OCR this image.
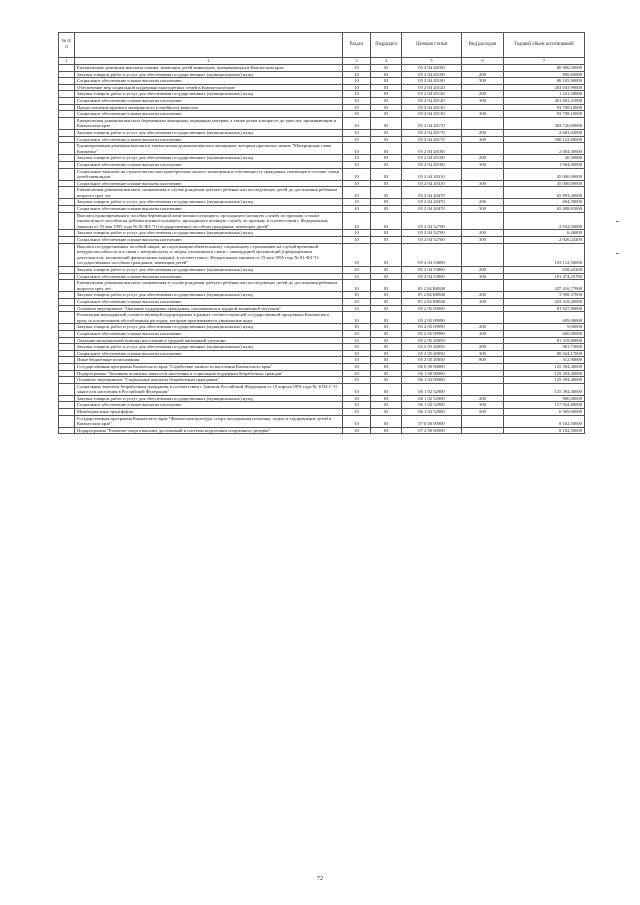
№ п/п		Раздел	Подраздел	Целевая статья	Вид расходов	Годовой объем ассигнований
1	2	3	4	5	6	7
	Ежемесячные денежные выплаты семьям, имеющим детей-инвалидов, проживающим в Камчатском крае	10	03	05 2 04 20100		80 906,50000
	Закупка товаров, работ и услуг для обеспечения государственных (муниципальных) нужд	10	03	05 2 04 20100	200	800,60000
	Социальное обеспечение и иные выплаты населению	10	03	05 2 04 20100	300	80 105,90000
	Обеспечение мер социальной поддержки многодетных семей в Камчатском крае	10	03	05 2 04 20120		263 043,99000
	Закупка товаров, работ и услуг для обеспечения государственных (муниципальных) нужд	10	03	05 2 04 20120	200	1 241,58000
	Социальное обеспечение и иные выплаты населению	10	03	05 2 04 20120	300	261 802,41000
	Предоставление краевого материнского (семейного) капитала	10	03	05 2 04 20130		93 708,10000
	Социальное обеспечение и иные выплаты населению	10	03	05 2 04 20130	300	93 708,10000
	Ежемесячная денежная выплата беременным женщинам, кормящим матерям, а также детям в возрасте до трех лет, проживающим в Камчатском крае	10	03	05 2 04 20170		302 726,80000
	Закупка товаров, работ и услуг для обеспечения государственных (муниципальных) нужд	10	03	05 2 04 20170	200	2 603,92000
	Социальное обеспечение и иные выплаты населению	10	03	05 2 04 20170	300	300 122,88000
	Единовременная денежная выплата и ежемесячная денежная выплата женщинам, которым присвоено звание "Материнская слава Камчатки"	10	03	05 2 04 20180		2 004,30000
	Закупка товаров, работ и услуг для обеспечения государственных (муниципальных) нужд	10	03	05 2 04 20180	200	20,30000
	Социальное обеспечение и иные выплаты населению	10	03	05 2 04 20180	300	1 984,00000
	Социальные выплаты на строительство или приобретение жилого помещения в собственность гражданам, имеющим в составе семьи детей-инвалидов	10	03	05 2 04 20310		45 000,00000
	Социальное обеспечение и иные выплаты населению	10	03	05 2 04 20310	300	45 000,00000
	Ежемесячная денежная выплата, назначаемая в случае рождения третьего ребенка или последующих детей до достижения ребенком возраста трех лет	10	03	05 2 04 20470		65 893,40000
	Закупка товаров, работ и услуг для обеспечения государственных (муниципальных) нужд	10	03	05 2 04 20470	200	604,59000
	Социальное обеспечение и иные выплаты населению	10	03	05 2 04 20470	300	65 288,81000
	Выплата единовременного пособия беременной жене военнослужащего, проходящего военную службу по призыву, а также ежемесячного пособия на ребенка военнослужащего, проходящего военную службу по призыву, в соответствии с Федеральным законом от 19 мая 1995 года № 81-ФЗ "О государственных пособиях гражданам, имеющим детей"	10	03	05 2 04 52700		2 932,50000
	Закупка товаров, работ и услуг для обеспечения государственных (муниципальных) нужд	10	03	05 2 04 52700	200	6,26800
	Социальное обеспечение и иные выплаты населению	10	03	05 2 04 52700	300	2 926,23200
	Выплата государственных пособий лицам, не подлежащим обязательному социальному страхованию на случай временной нетрудоспособности и в связи с материнством, и лицам, уволенным в связи с ликвидацией организаций (прекращением деятельности, полномочий физическими лицами), в соответствии с Федеральным законом от 19 мая 1995 года № 81-ФЗ "О государственных пособиях гражданам, имеющим детей"	10	03	05 2 04 53800		192 112,50000
	Закупка товаров, работ и услуг для обеспечения государственных (муниципальных) нужд	10	03	05 2 04 53800	200	638,24300
	Социальное обеспечение и иные выплаты населению	10	03	05 2 04 53800	300	191 474,25700
	Ежемесячная денежная выплата, назначаемая в случае рождения третьего ребенка или последующих детей до достижения ребенком возраста трех лет	10	03	05 2 04 R0840		437 416,77000
	Закупка товаров, работ и услуг для обеспечения государственных (муниципальных) нужд	10	03	05 2 04 R0840	200	3 998,37000
	Социальное обеспечение и иные выплаты населению	10	03	05 2 04 R0840	300	433 418,40000
	Основное мероприятие "Оказание поддержки гражданам, оказавшимся в трудной жизненной ситуации"	10	03	05 2 05 00000		81 927,80000
	Реализация мероприятий соответствующей подпрограммы в рамках соответствующей государственной программы Камчатского края, за исключением обособленных расходов, которым присваиваются уникальные коды	10	03	05 2 05 09990		609,00000
	Закупка товаров, работ и услуг для обеспечения государственных (муниципальных) нужд	10	03	05 2 05 09990	200	9,00000
	Социальное обеспечение и иные выплаты населению	10	03	05 2 05 09990	300	600,00000
	Оказание материальной помощи населению в трудной жизненной ситуации	10	03	05 2 05 20050		81 318,80000
	Закупка товаров, работ и услуг для обеспечения государственных (муниципальных) нужд	10	03	05 2 05 20050	200	981,73000
	Социальное обеспечение и иные выплаты населению	10	03	05 2 05 20050	300	80 024,17000
	Иные бюджетные ассигнования	10	03	05 2 05 20050	800	312,90000
	Государственная программа Камчатского края "Содействие занятости населения Камчатского края"	10	03	06 0 00 00000		125 394,40000
	Подпрограмма "Активная политика занятости населения и социальная поддержка безработных граждан"	10	03	06 1 00 00000		125 394,40000
	Основное мероприятие "Социальные выплаты безработным гражданам"	10	03	06 1 02 00000		125 394,40000
	Социальные выплаты безработным гражданам в соответствии с Законом Российской Федерации от 19 апреля 1991 года № 1032-1 "О занятости населения в Российской Федерации"	10	03	06 1 02 52900		125 394,40000
	Закупка товаров, работ и услуг для обеспечения государственных (муниципальных) нужд	10	03	06 1 02 52900	200	900,00000
	Социальное обеспечение и иные выплаты населению	10	03	06 1 02 52900	300	117 924,80000
	Межбюджетные трансферты	10	03	06 1 02 52900	500	6 569,60000
	Государственная программа Камчатского края "Физическая культура, спорт, молодежная политика, отдых и оздоровление детей в Камчатском крае"	10	03	07 0 00 00000		8 102,50000
	Подпрограмма "Развитие спорта высших достижений и системы подготовки спортивного резерва"	10	03	07 2 00 00000		8 102,50000
72
